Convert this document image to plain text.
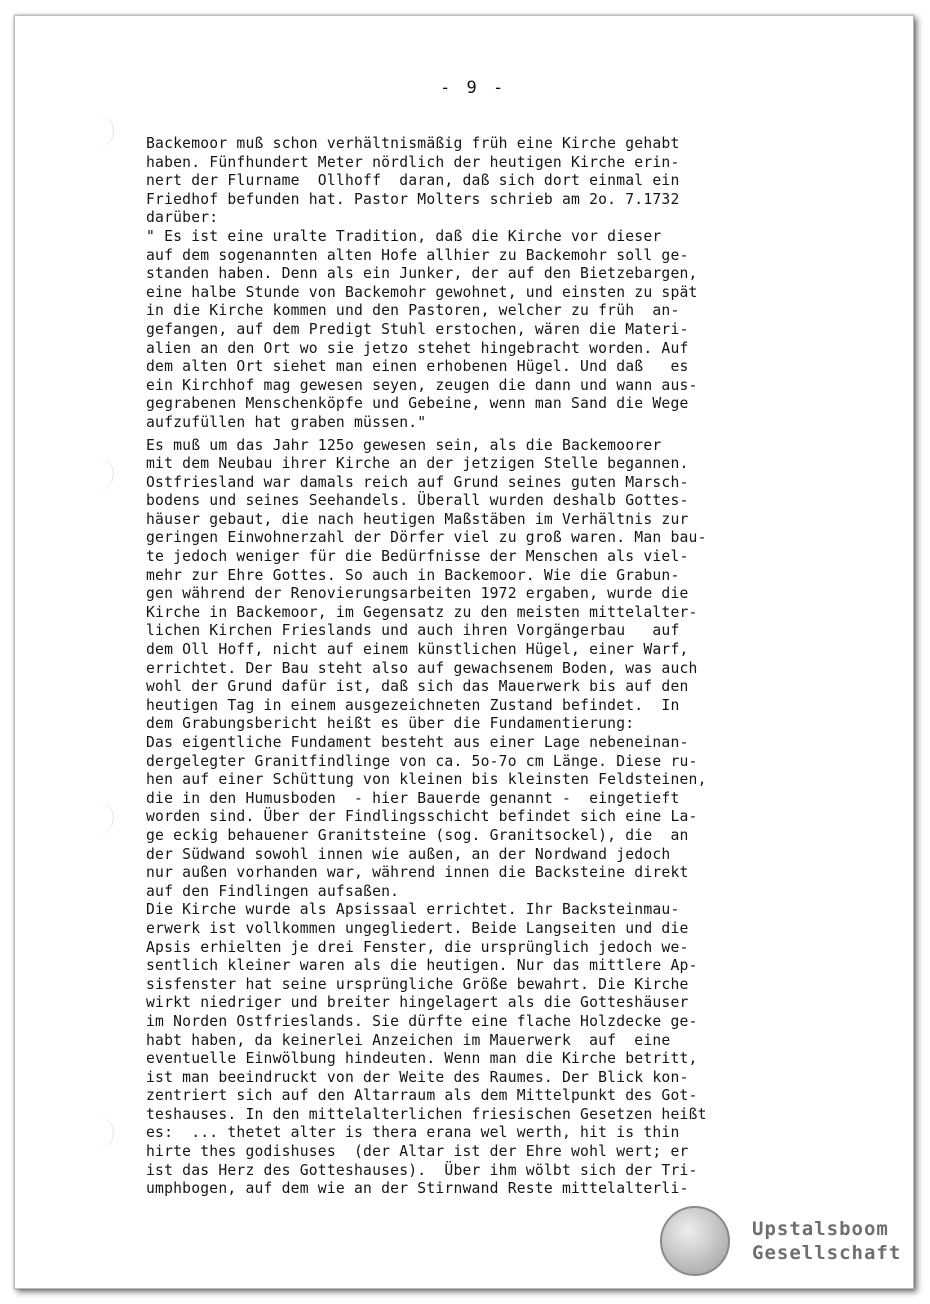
- 9 -
Backemoor muß schon verhältnismäßig früh eine Kirche gehabt
haben. Fünfhundert Meter nördlich der heutigen Kirche erin-
nert der Flurname  Ollhoff  daran, daß sich dort einmal ein
Friedhof befunden hat. Pastor Molters schrieb am 2o. 7.1732
darüber:
" Es ist eine uralte Tradition, daß die Kirche vor dieser
auf dem sogenannten alten Hofe allhier zu Backemohr soll ge-
standen haben. Denn als ein Junker, der auf den Bietzebargen,
eine halbe Stunde von Backemohr gewohnet, und einsten zu spät
in die Kirche kommen und den Pastoren, welcher zu früh  an-
gefangen, auf dem Predigt Stuhl erstochen, wären die Materi-
alien an den Ort wo sie jetzo stehet hingebracht worden. Auf
dem alten Ort siehet man einen erhobenen Hügel. Und daß   es
ein Kirchhof mag gewesen seyen, zeugen die dann und wann aus-
gegrabenen Menschenköpfe und Gebeine, wenn man Sand die Wege
aufzufüllen hat graben müssen."
Es muß um das Jahr 125o gewesen sein, als die Backemoorer
mit dem Neubau ihrer Kirche an der jetzigen Stelle begannen.
Ostfriesland war damals reich auf Grund seines guten Marsch-
bodens und seines Seehandels. Überall wurden deshalb Gottes-
häuser gebaut, die nach heutigen Maßstäben im Verhältnis zur
geringen Einwohnerzahl der Dörfer viel zu groß waren. Man bau-
te jedoch weniger für die Bedürfnisse der Menschen als viel-
mehr zur Ehre Gottes. So auch in Backemoor. Wie die Grabun-
gen während der Renovierungsarbeiten 1972 ergaben, wurde die
Kirche in Backemoor, im Gegensatz zu den meisten mittelalter-
lichen Kirchen Frieslands und auch ihren Vorgängerbau   auf
dem Oll Hoff, nicht auf einem künstlichen Hügel, einer Warf,
errichtet. Der Bau steht also auf gewachsenem Boden, was auch
wohl der Grund dafür ist, daß sich das Mauerwerk bis auf den
heutigen Tag in einem ausgezeichneten Zustand befindet.  In
dem Grabungsbericht heißt es über die Fundamentierung:
Das eigentliche Fundament besteht aus einer Lage nebeneinan-
dergelegter Granitfindlinge von ca. 5o-7o cm Länge. Diese ru-
hen auf einer Schüttung von kleinen bis kleinsten Feldsteinen,
die in den Humusboden  - hier Bauerde genannt -  eingetieft
worden sind. Über der Findlingsschicht befindet sich eine La-
ge eckig behauener Granitsteine (sog. Granitsockel), die  an
der Südwand sowohl innen wie außen, an der Nordwand jedoch
nur außen vorhanden war, während innen die Backsteine direkt
auf den Findlingen aufsaßen.
Die Kirche wurde als Apsissaal errichtet. Ihr Backsteinmau-
erwerk ist vollkommen ungegliedert. Beide Langseiten und die
Apsis erhielten je drei Fenster, die ursprünglich jedoch we-
sentlich kleiner waren als die heutigen. Nur das mittlere Ap-
sisfenster hat seine ursprüngliche Größe bewahrt. Die Kirche
wirkt niedriger und breiter hingelagert als die Gotteshäuser
im Norden Ostfrieslands. Sie dürfte eine flache Holzdecke ge-
habt haben, da keinerlei Anzeichen im Mauerwerk  auf  eine
eventuelle Einwölbung hindeuten. Wenn man die Kirche betritt,
ist man beeindruckt von der Weite des Raumes. Der Blick kon-
zentriert sich auf den Altarraum als dem Mittelpunkt des Got-
teshauses. In den mittelalterlichen friesischen Gesetzen heißt
es:  ... thetet alter is thera erana wel werth, hit is thin
hirte thes godishuses  (der Altar ist der Ehre wohl wert; er
ist das Herz des Gotteshauses).  Über ihm wölbt sich der Tri-
umphbogen, auf dem wie an der Stirnwand Reste mittelalterli-
Upstalsboom
Gesellschaft
